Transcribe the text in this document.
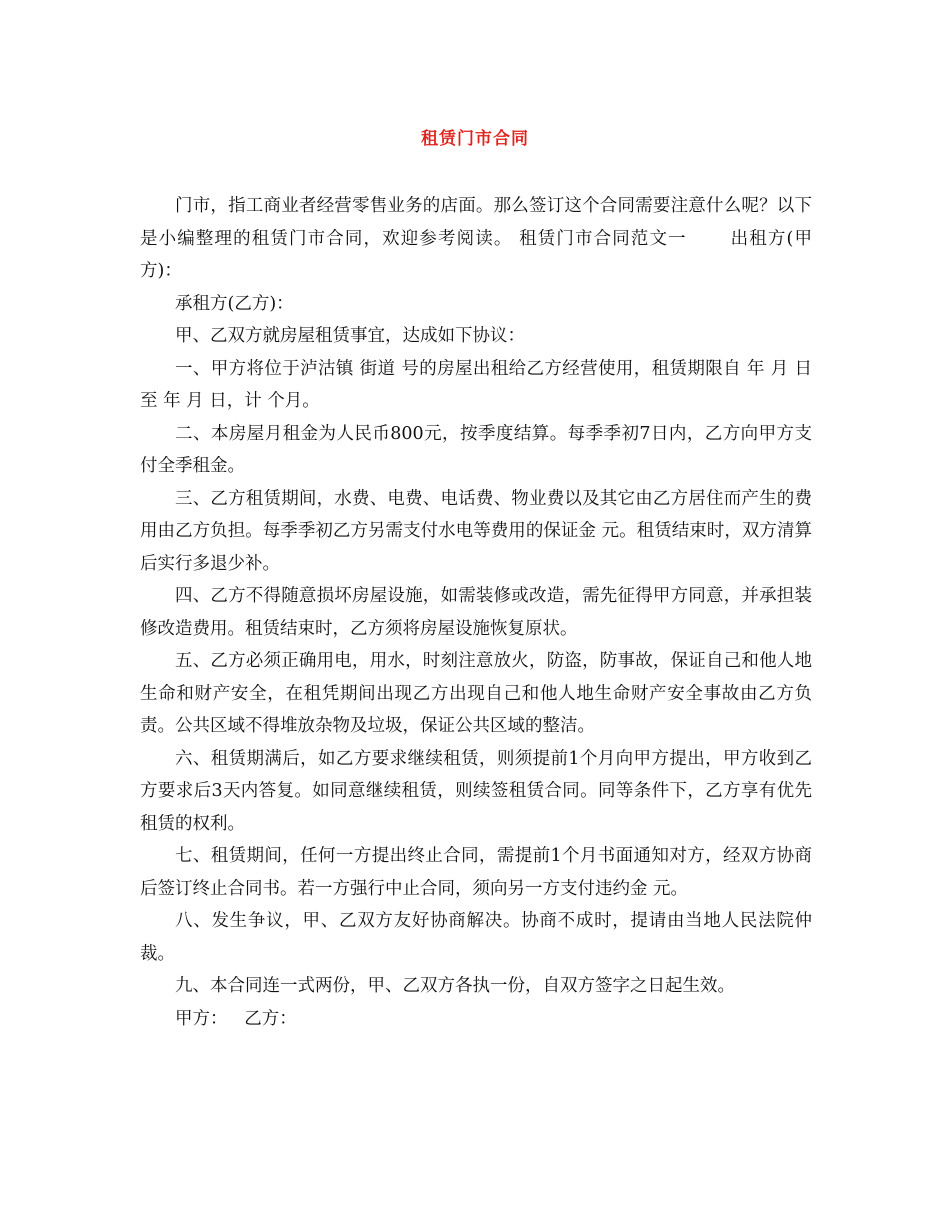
租赁门市合同

门市，指工商业者经营零售业务的店面。那么签订这个合同需要注意什么呢？以下是小编整理的租赁门市合同，欢迎参考阅读。 租赁门市合同范文一 　　出租方(甲方)：

承租方(乙方)：

甲、乙双方就房屋租赁事宜，达成如下协议：

一、甲方将位于泸沽镇 街道 号的房屋出租给乙方经营使用，租赁期限自 年 月 日至 年 月 日，计 个月。

二、本房屋月租金为人民币800元，按季度结算。每季季初7日内，乙方向甲方支付全季租金。

三、乙方租赁期间，水费、电费、电话费、物业费以及其它由乙方居住而产生的费用由乙方负担。每季季初乙方另需支付水电等费用的保证金 元。租赁结束时，双方清算后实行多退少补。

四、乙方不得随意损坏房屋设施，如需装修或改造，需先征得甲方同意，并承担装修改造费用。租赁结束时，乙方须将房屋设施恢复原状。

五、乙方必须正确用电，用水，时刻注意放火，防盗，防事故，保证自己和他人地生命和财产安全，在租凭期间出现乙方出现自己和他人地生命财产安全事故由乙方负责。公共区域不得堆放杂物及垃圾，保证公共区域的整洁。

六、租赁期满后，如乙方要求继续租赁，则须提前1个月向甲方提出，甲方收到乙方要求后3天内答复。如同意继续租赁，则续签租赁合同。同等条件下，乙方享有优先租赁的权利。

七、租赁期间，任何一方提出终止合同，需提前1个月书面通知对方，经双方协商后签订终止合同书。若一方强行中止合同，须向另一方支付违约金 元。

八、发生争议，甲、乙双方友好协商解决。协商不成时，提请由当地人民法院仲裁。

九、本合同连一式两份，甲、乙双方各执一份，自双方签字之日起生效。

甲方： 乙方：
